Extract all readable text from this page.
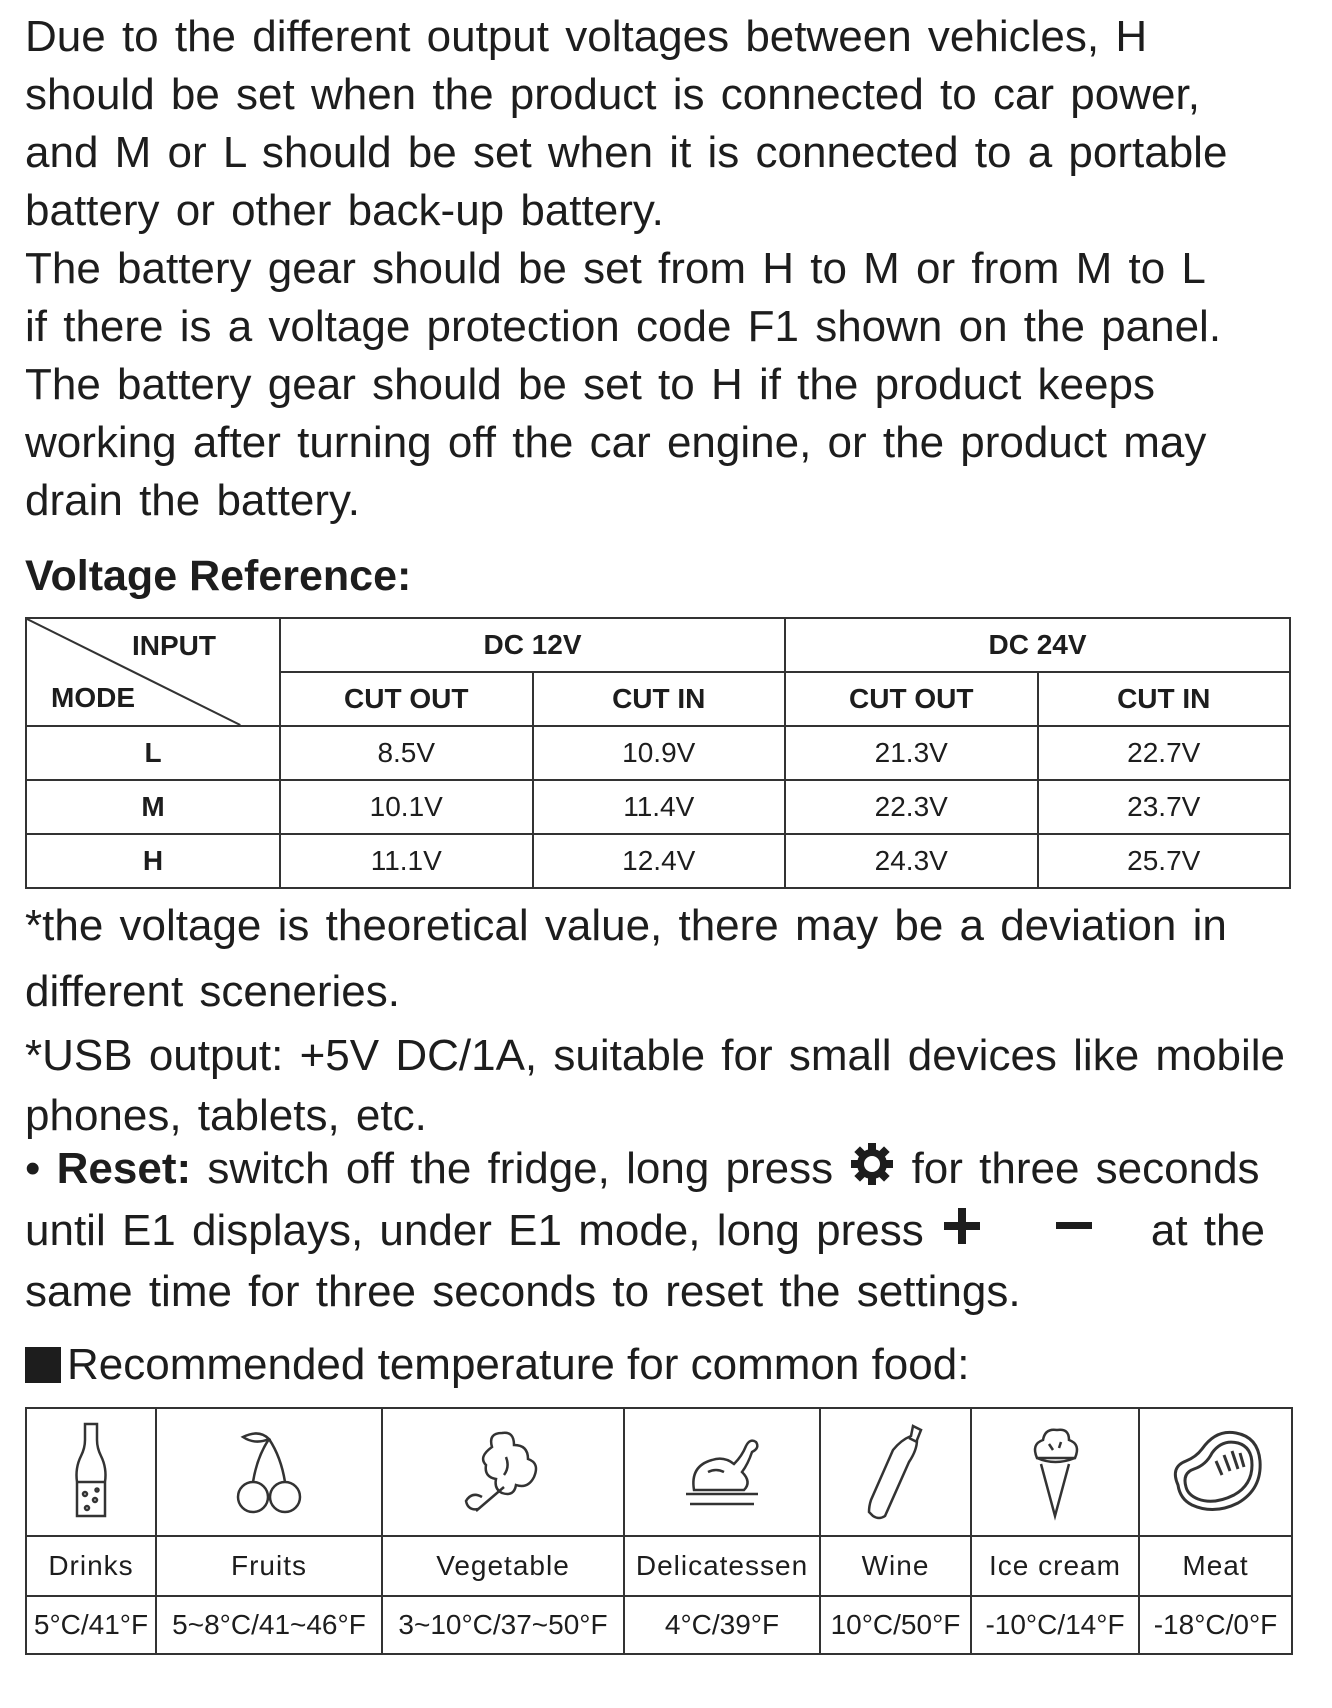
Due to the different output voltages between vehicles, H
should be set when the product is connected to car power,
and M or L should be set when it is connected to a portable
battery or other back-up battery.
The battery gear should be set from H to M or from M to L
if there is a voltage protection code F1 shown on the panel.
The battery gear should be set to H if the product keeps
working after turning off the car engine, or the product may
drain the battery.
Voltage Reference:
INPUT
MODE	DC 12V		DC 24V	
	CUT OUT	CUT IN	CUT OUT	CUT IN
L	8.5V	10.9V	21.3V	22.7V
M	10.1V	11.4V	22.3V	23.7V
H	11.1V	12.4V	24.3V	25.7V
*the voltage is theoretical value, there may be a deviation in different sceneries.
*USB output: +5V DC/1A, suitable for small devices like mobile phones, tablets, etc.
• Reset: switch off the fridge, long press for three seconds
until E1 displays, under E1 mode, long press	at the
same time for three seconds to reset the settings.
Recommended temperature for common food:

Drinks	Fruits	Vegetable	Delicatessen	Wine	Ice cream	Meat
5°C/41°F	5~8°C/41~46°F	3~10°C/37~50°F	4°C/39°F	10°C/50°F	-10°C/14°F	-18°C/0°F
